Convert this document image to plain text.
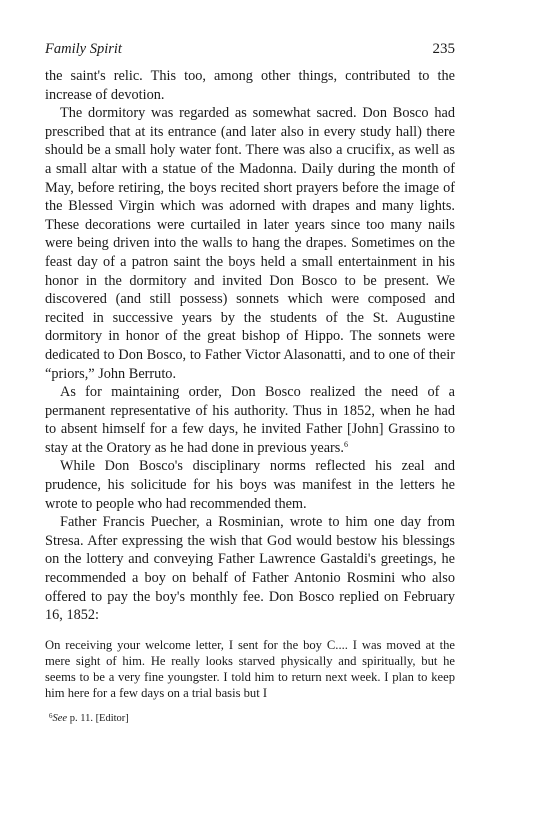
Family Spirit	235

the saint's relic. This too, among other things, contributed to the increase of devotion.

The dormitory was regarded as somewhat sacred. Don Bosco had prescribed that at its entrance (and later also in every study hall) there should be a small holy water font. There was also a crucifix, as well as a small altar with a statue of the Madonna. Daily during the month of May, before retiring, the boys recited short prayers before the image of the Blessed Virgin which was adorned with drapes and many lights. These decorations were curtailed in later years since too many nails were being driven into the walls to hang the drapes. Sometimes on the feast day of a patron saint the boys held a small entertainment in his honor in the dormitory and invited Don Bosco to be present. We discovered (and still possess) sonnets which were composed and recited in successive years by the students of the St. Augustine dormitory in honor of the great bishop of Hippo. The sonnets were dedicated to Don Bosco, to Father Victor Alasonatti, and to one of their “priors,” John Berruto.

As for maintaining order, Don Bosco realized the need of a permanent representative of his authority. Thus in 1852, when he had to absent himself for a few days, he invited Father [John] Grassino to stay at the Oratory as he had done in previous years.$^6$

While Don Bosco's disciplinary norms reflected his zeal and prudence, his solicitude for his boys was manifest in the letters he wrote to people who had recommended them.

Father Francis Puecher, a Rosminian, wrote to him one day from Stresa. After expressing the wish that God would bestow his blessings on the lottery and conveying Father Lawrence Gastaldi's greetings, he recommended a boy on behalf of Father Antonio Rosmini who also offered to pay the boy's monthly fee. Don Bosco replied on February 16, 1852:

On receiving your welcome letter, I sent for the boy C.... I was moved at the mere sight of him. He really looks starved physically and spiritually, but he seems to be a very fine youngster. I told him to return next week. I plan to keep him here for a few days on a trial basis but I

$^6$See p. 11. [Editor]
